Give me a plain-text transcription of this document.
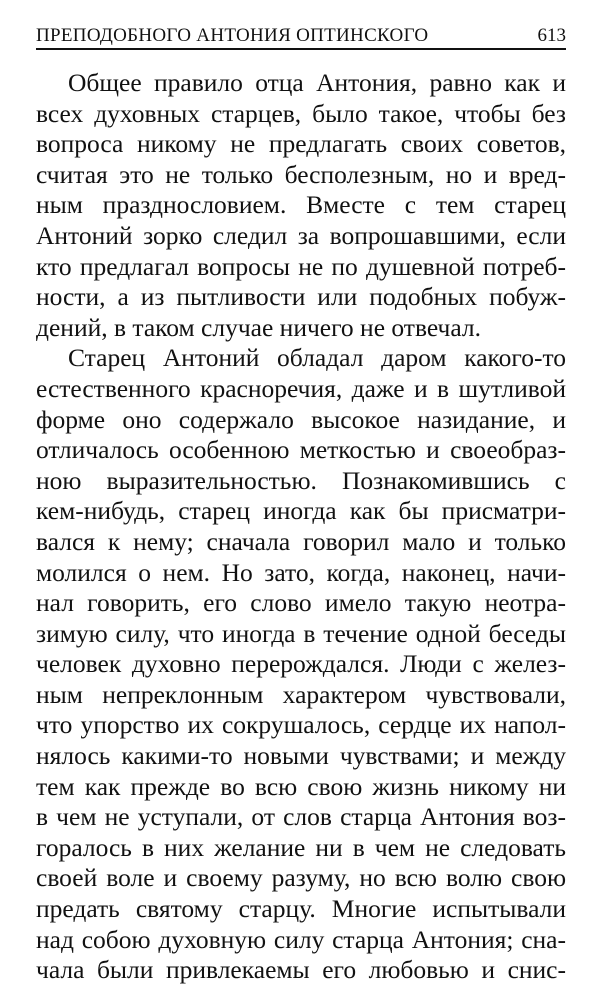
ПРЕПОДОБНОГО АНТОНИЯ ОПТИНСКОГО	613
Общее правило отца Антония, равно как и
всех духовных старцев, было такое, чтобы без
вопроса никому не предлагать своих советов,
считая это не только бесполезным, но и вред-
ным празднословием. Вместе с тем старец
Антоний зорко следил за вопрошавшими, если
кто предлагал вопросы не по душевной потреб-
ности, а из пытливости или подобных побуж-
дений, в таком случае ничего не отвечал.
Старец Антоний обладал даром какого-то
естественного красноречия, даже и в шутливой
форме оно содержало высокое назидание, и
отличалось особенною меткостью и своеобраз-
ною выразительностью. Познакомившись с
кем-нибудь, старец иногда как бы присматри-
вался к нему; сначала говорил мало и только
молился о нем. Но зато, когда, наконец, начи-
нал говорить, его слово имело такую неотра-
зимую силу, что иногда в течение одной беседы
человек духовно перерождался. Люди с желез-
ным непреклонным характером чувствовали,
что упорство их сокрушалось, сердце их напол-
нялось какими-то новыми чувствами; и между
тем как прежде во всю свою жизнь никому ни
в чем не уступали, от слов старца Антония воз-
горалось в них желание ни в чем не следовать
своей воле и своему разуму, но всю волю свою
предать святому старцу. Многие испытывали
над собою духовную силу старца Антония; сна-
чала были привлекаемы его любовью и снис-
